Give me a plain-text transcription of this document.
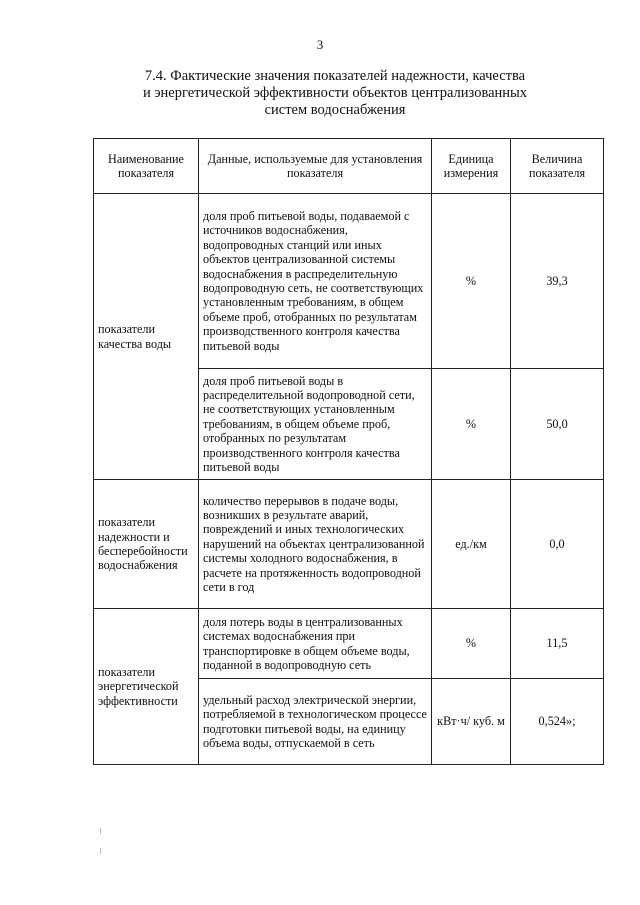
3
7.4. Фактические значения показателей надежности, качества
и энергетической эффективности объектов централизованных
систем водоснабжения
Наименование показателя	Данные, используемые для установления показателя	Единица измерения	Величина показателя
показатели качества воды	доля проб питьевой воды, подаваемой с источников водоснабжения, водопроводных станций или иных объектов централизованной системы водоснабжения в распределительную водопроводную сеть, не соответствующих установленным требованиям, в общем объеме проб, отобранных по результатам производственного контроля качества питьевой воды	%	39,3
	доля проб питьевой воды в распределительной водопроводной сети, не соответствующих установленным требованиям, в общем объеме проб, отобранных по результатам производственного контроля качества питьевой воды	%	50,0
показатели надежности и бесперебойности водоснабжения	количество перерывов в подаче воды, возникших в результате аварий, повреждений и иных технологических нарушений на объектах централизованной системы холодного водоснабжения, в расчете на протяженность водопроводной сети в год	ед./км	0,0
показатели энергетической эффективности	доля потерь воды в централизованных системах водоснабжения при транспортировке в общем объеме воды, поданной в водопроводную сеть	%	11,5
	удельный расход электрической энергии, потребляемой в технологическом процессе подготовки питьевой воды, на единицу объема воды, отпускаемой в сеть	кВт·ч/ куб. м	0,524»;
